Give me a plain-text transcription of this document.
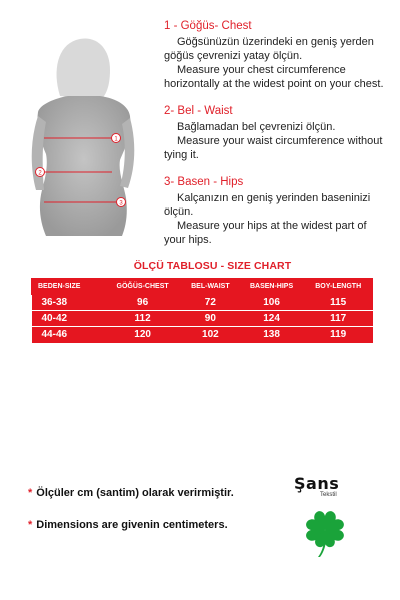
1
2
3
1 - Göğüs- Chest
Göğsünüzün üzerindeki en geniş yerden
göğüs çevrenizi yatay ölçün.
Measure your chest circumference
horizontally at the widest point on your chest.
2- Bel - Waist
Bağlamadan bel çevrenizi ölçün.
Measure your waist circumference without
tying it.
3- Basen - Hips
Kalçanızın en geniş yerinden baseninizi
ölçün.
Measure your hips at the widest part of
your hips.
ÖLÇÜ TABLOSU - SIZE CHART
BEDEN-SIZE	GÖĞÜS-CHEST	BEL-WAIST	BASEN-HIPS	BOY-LENGTH
36-38	96	72	106	115
40-42	112	90	124	117
44-46	120	102	138	119
* Ölçüler cm (santim) olarak verirmiştir.
* Dimensions are givenin centimeters.
Şans
Tekstil
